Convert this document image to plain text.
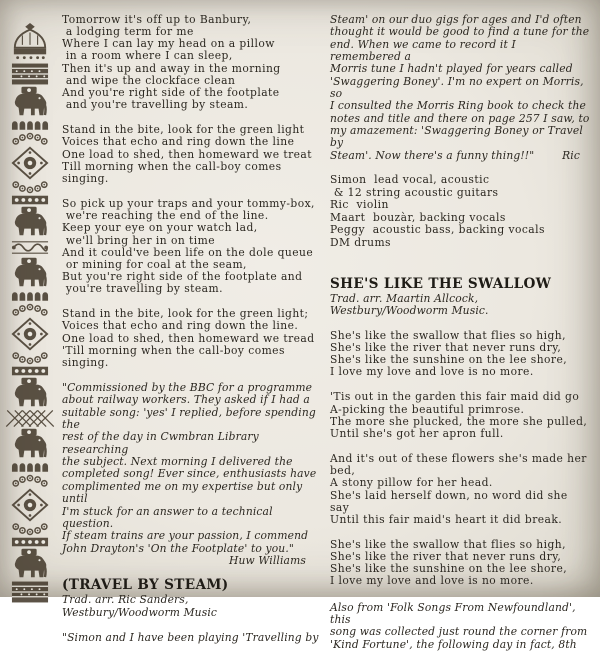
Tomorrow it's off up to Banbury,
a lodging term for me
Where I can lay my head on a pillow
in a room where I can sleep,
Then it's up and away in the morning
and wipe the clockface clean
And you're right side of the footplate
and you're travelling by steam.
Stand in the bite, look for the green light
Voices that echo and ring down the line
One load to shed, then homeward we treat
Till morning when the call-boy comes singing.
So pick up your traps and your tommy-box,
we're reaching the end of the line.
Keep your eye on your watch lad,
we'll bring her in on time
And it could've been life on the dole queue
or mining for coal at the seam,
But you're right side of the footplate and
you're travelling by steam.
Stand in the bite, look for the green light;
Voices that echo and ring down the line.
One load to shed, then homeward we tread
'Till morning when the call-boy comes singing.
"Commissioned by the BBC for a programme
about railway workers. They asked if I had a
suitable song: 'yes' I replied, before spending the
rest of the day in Cwmbran Library researching
the subject. Next morning I delivered the
completed song! Ever since, enthusiasts have
complimented me on my expertise but only until
I'm stuck for an answer to a technical question.
If steam trains are your passion, I commend
John Drayton's 'On the Footplate' to you."
Huw Williams
(TRAVEL BY STEAM)
Trad. arr. Ric Sanders,
Westbury/Woodworm Music
"Simon and I have been playing 'Travelling by
Steam' on our duo gigs for ages and I'd often
thought it would be good to find a tune for the
end. When we came to record it I remembered a
Morris tune I hadn't played for years called
'Swaggering Boney'. I'm no expert on Morris, so
I consulted the Morris Ring book to check the
notes and title and there on page 257 I saw, to
my amazement: 'Swaggering Boney or Travel by
Steam'. Now there's a funny thing!!"	Ric
Simon  lead vocal, acoustic
& 12 string acoustic guitars
Ric  violin
Maart  bouzàr, backing vocals
Peggy  acoustic bass, backing vocals
DM drums
SHE'S LIKE THE SWALLOW
Trad. arr. Maartin Allcock,
Westbury/Woodworm Music.
She's like the swallow that flies so high,
She's like the river that never runs dry,
She's like the sunshine on the lee shore,
I love my love and love is no more.
'Tis out in the garden this fair maid did go
A-picking the beautiful primrose.
The more she plucked, the more she pulled,
Until she's got her apron full.
And it's out of these flowers she's made her bed,
A stony pillow for her head.
She's laid herself down, no word did she say
Until this fair maid's heart it did break.
She's like the swallow that flies so high,
She's like the river that never runs dry,
She's like the sunshine on the lee shore,
I love my love and love is no more.
Also from 'Folk Songs From Newfoundland', this
song was collected just round the corner from
'Kind Fortune', the following day in fact, 8th
